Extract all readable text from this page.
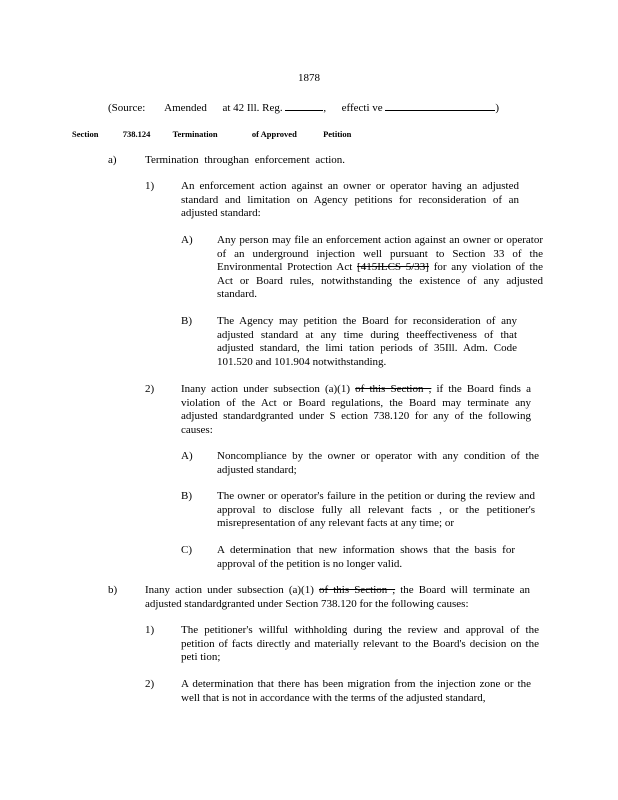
1878
(Source: Amended at 42 Ill. Reg.	, effecti ve	)
Section	738.124	Termination	of Approved	Petition
a)	Termination throughan enforcement action.
1) An enforcement action against an owner or operator having an adjusted standard and limitation on Agency petitions for reconsideration of an adjusted standard:
A) Any person may file an enforcement action against an owner or operator of an underground injection well pursuant to Section 33 of the Environmental Protection Act [415ILCS 5/33] for any violation of the Act or Board rules, notwithstanding the existence of any adjusted standard.
B) The Agency may petition the Board for reconsideration of any adjusted standard at any time during theeffectiveness of that adjusted standard, the limi tation periods of 35Ill. Adm. Code 101.520 and 101.904 notwithstanding.
2) Inany action under subsection (a)(1) of this Section , if the Board finds a violation of the Act or Board regulations, the Board may terminate any adjusted standardgranted under S ection 738.120 for any of the following causes:
A) Noncompliance by the owner or operator with any condition of the adjusted standard;
B) The owner or operator's failure in the petition or during the review and approval to disclose fully all relevant facts , or the petitioner's misrepresentation of any relevant facts at any time; or
C) A determination that new information shows that the basis for approval of the petition is no longer valid.
b)	Inany action under subsection (a)(1) of this Section , the Board will terminate an adjusted standardgranted under Section 738.120 for the following causes:
1) The petitioner's willful withholding during the review and approval of the petition of facts directly and materially relevant to the Board's decision on the peti tion;
2) A determination that there has been migration from the injection zone or the well that is not in accordance with the terms of the adjusted standard,
